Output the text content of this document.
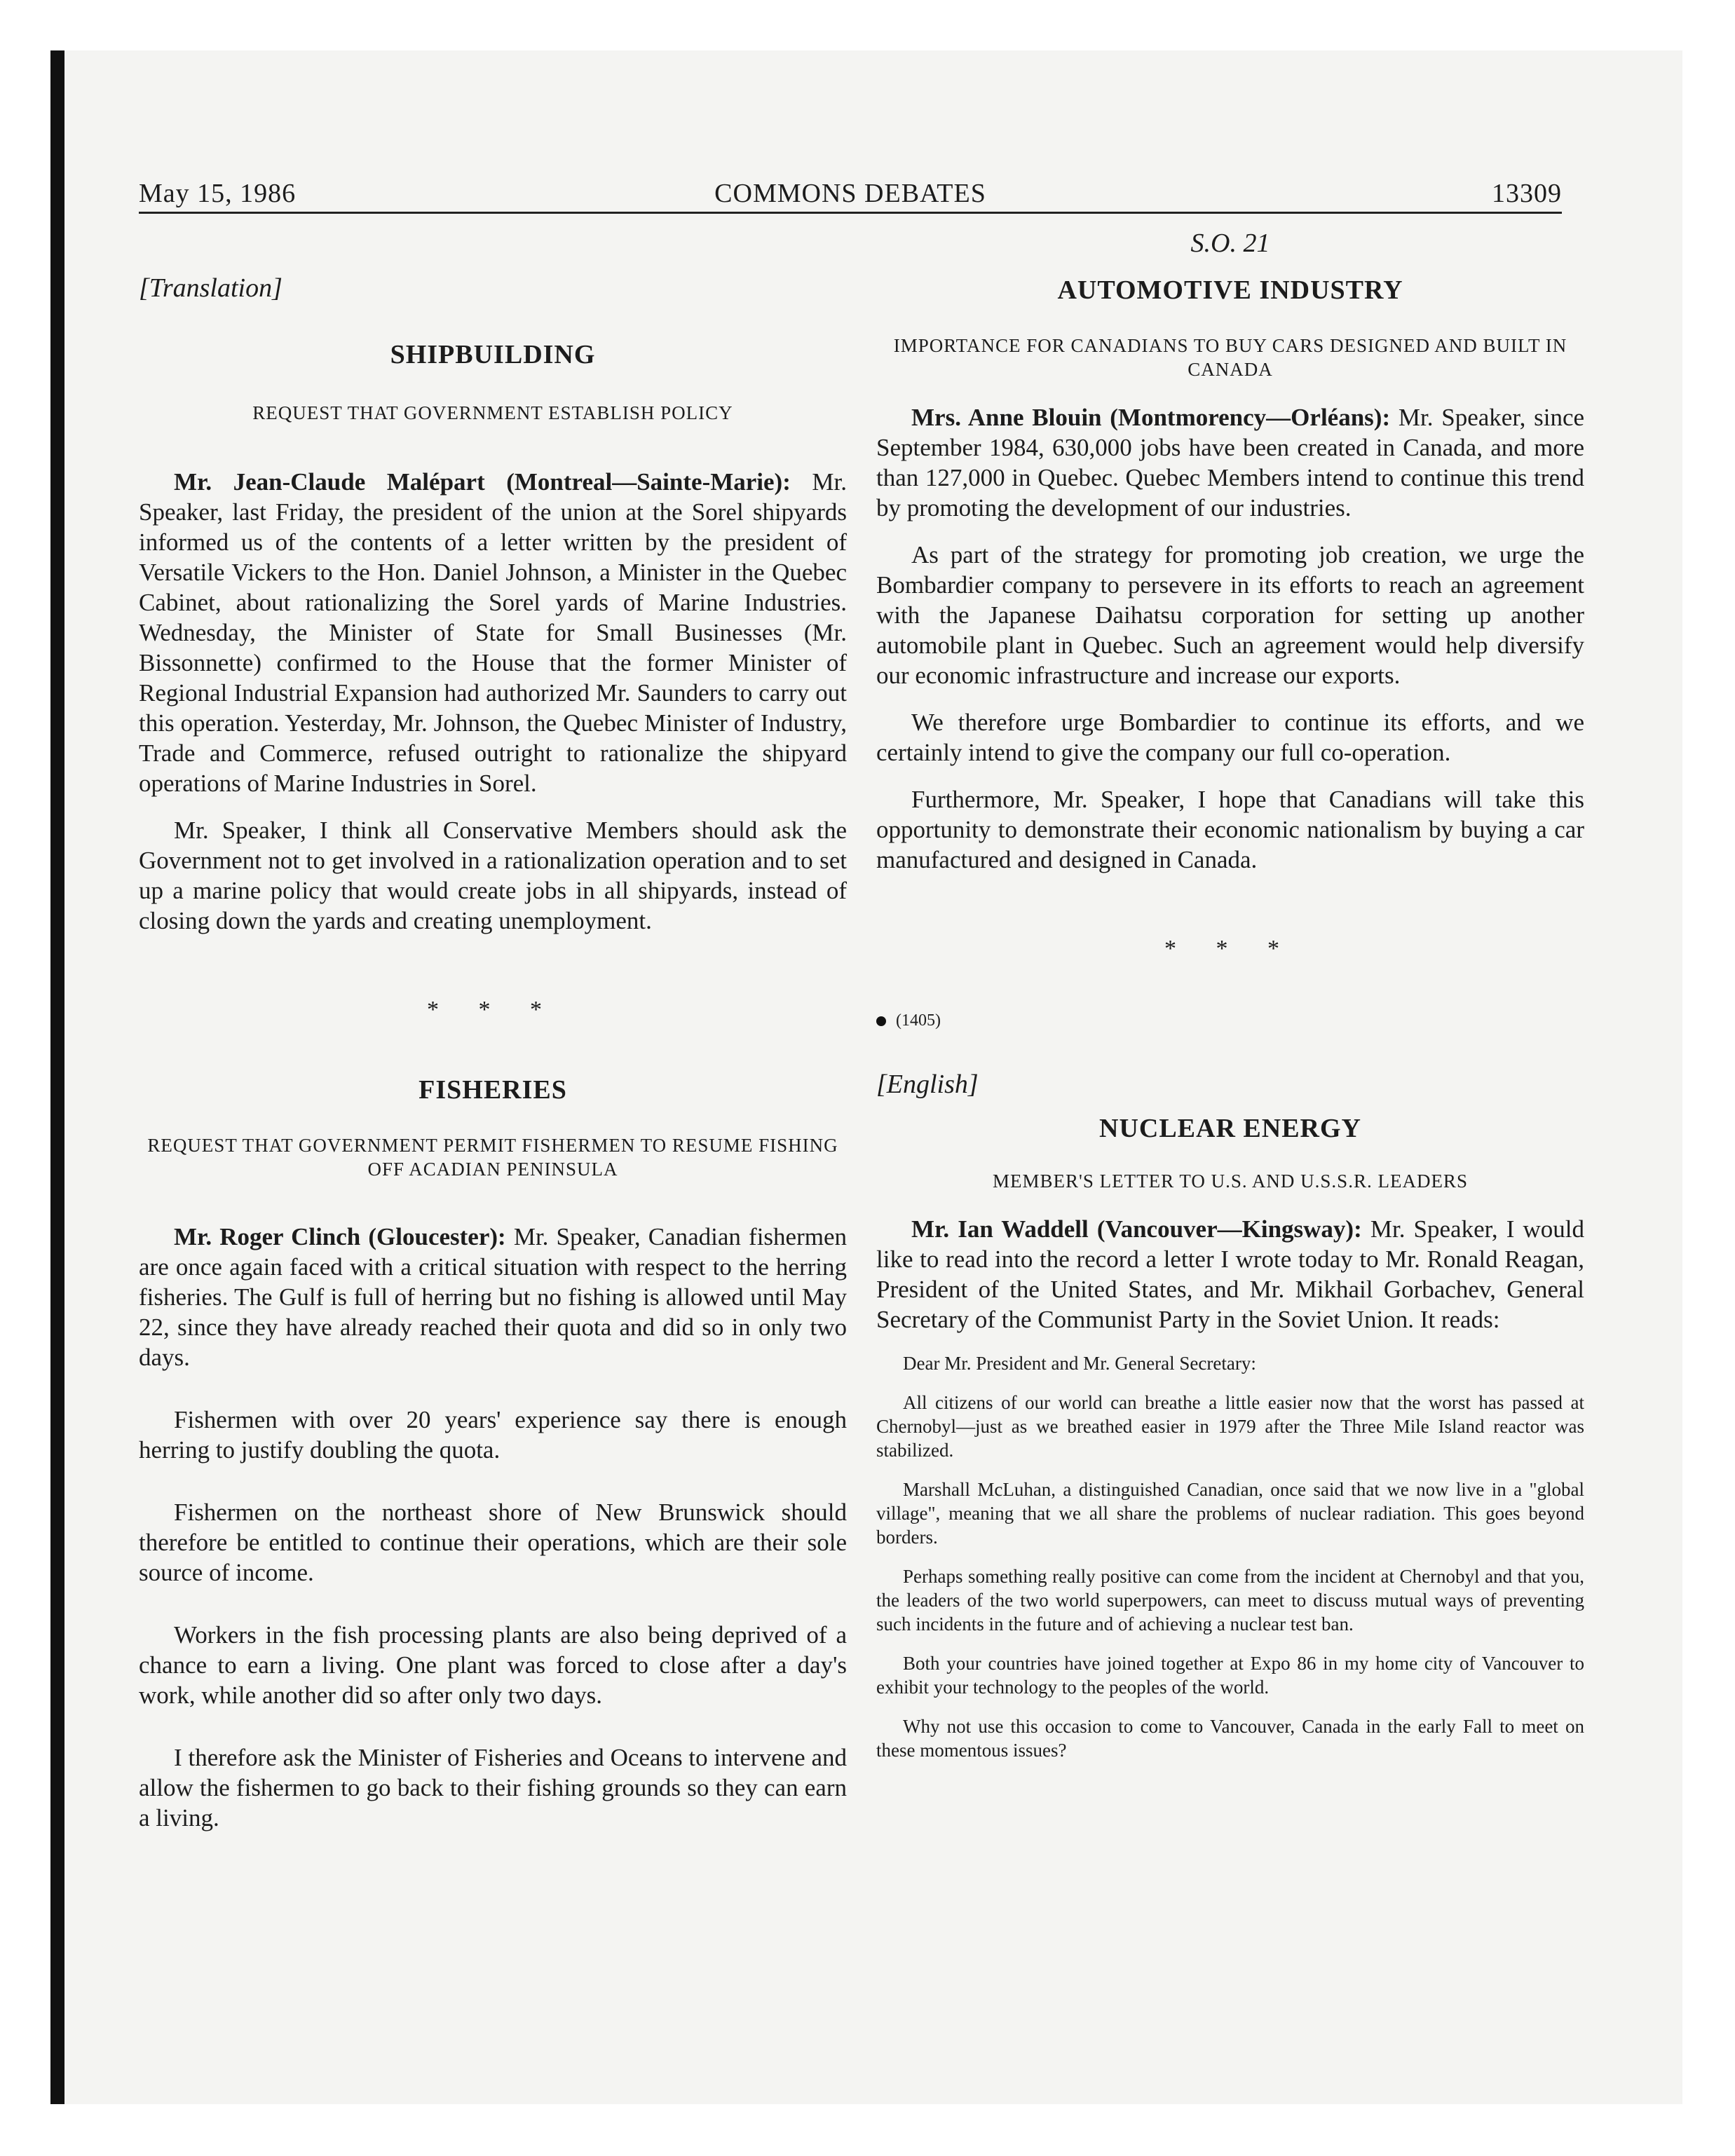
May 15, 1986	COMMONS DEBATES	13309
[Translation]
SHIPBUILDING
REQUEST THAT GOVERNMENT ESTABLISH POLICY

Mr. Jean-Claude Malépart (Montreal—Sainte-Marie): Mr. Speaker, last Friday, the president of the union at the Sorel shipyards informed us of the contents of a letter written by the president of Versatile Vickers to the Hon. Daniel Johnson, a Minister in the Quebec Cabinet, about rationalizing the Sorel yards of Marine Industries. Wednesday, the Minister of State for Small Businesses (Mr. Bissonnette) confirmed to the House that the former Minister of Regional Industrial Expansion had authorized Mr. Saunders to carry out this operation. Yesterday, Mr. Johnson, the Quebec Minister of Industry, Trade and Commerce, refused outright to rationalize the shipyard operations of Marine Industries in Sorel.

Mr. Speaker, I think all Conservative Members should ask the Government not to get involved in a rationalization operation and to set up a marine policy that would create jobs in all shipyards, instead of closing down the yards and creating unemployment.

* * *
FISHERIES
REQUEST THAT GOVERNMENT PERMIT FISHERMEN TO RESUME FISHING OFF ACADIAN PENINSULA

Mr. Roger Clinch (Gloucester): Mr. Speaker, Canadian fishermen are once again faced with a critical situation with respect to the herring fisheries. The Gulf is full of herring but no fishing is allowed until May 22, since they have already reached their quota and did so in only two days.

Fishermen with over 20 years' experience say there is enough herring to justify doubling the quota.

Fishermen on the northeast shore of New Brunswick should therefore be entitled to continue their operations, which are their sole source of income.

Workers in the fish processing plants are also being deprived of a chance to earn a living. One plant was forced to close after a day's work, while another did so after only two days.

I therefore ask the Minister of Fisheries and Oceans to intervene and allow the fishermen to go back to their fishing grounds so they can earn a living.

S.O. 21
AUTOMOTIVE INDUSTRY
IMPORTANCE FOR CANADIANS TO BUY CARS DESIGNED AND BUILT IN CANADA

Mrs. Anne Blouin (Montmorency—Orléans): Mr. Speaker, since September 1984, 630,000 jobs have been created in Canada, and more than 127,000 in Quebec. Quebec Members intend to continue this trend by promoting the development of our industries.

As part of the strategy for promoting job creation, we urge the Bombardier company to persevere in its efforts to reach an agreement with the Japanese Daihatsu corporation for setting up another automobile plant in Quebec. Such an agreement would help diversify our economic infrastructure and increase our exports.

We therefore urge Bombardier to continue its efforts, and we certainly intend to give the company our full co-operation.

Furthermore, Mr. Speaker, I hope that Canadians will take this opportunity to demonstrate their economic nationalism by buying a car manufactured and designed in Canada.

* * *
(1405)
[English]
NUCLEAR ENERGY
MEMBER'S LETTER TO U.S. AND U.S.S.R. LEADERS

Mr. Ian Waddell (Vancouver—Kingsway): Mr. Speaker, I would like to read into the record a letter I wrote today to Mr. Ronald Reagan, President of the United States, and Mr. Mikhail Gorbachev, General Secretary of the Communist Party in the Soviet Union. It reads:

Dear Mr. President and Mr. General Secretary:

All citizens of our world can breathe a little easier now that the worst has passed at Chernobyl—just as we breathed easier in 1979 after the Three Mile Island reactor was stabilized.

Marshall McLuhan, a distinguished Canadian, once said that we now live in a "global village", meaning that we all share the problems of nuclear radiation. This goes beyond borders.

Perhaps something really positive can come from the incident at Chernobyl and that you, the leaders of the two world superpowers, can meet to discuss mutual ways of preventing such incidents in the future and of achieving a nuclear test ban.

Both your countries have joined together at Expo 86 in my home city of Vancouver to exhibit your technology to the peoples of the world.

Why not use this occasion to come to Vancouver, Canada in the early Fall to meet on these momentous issues?
